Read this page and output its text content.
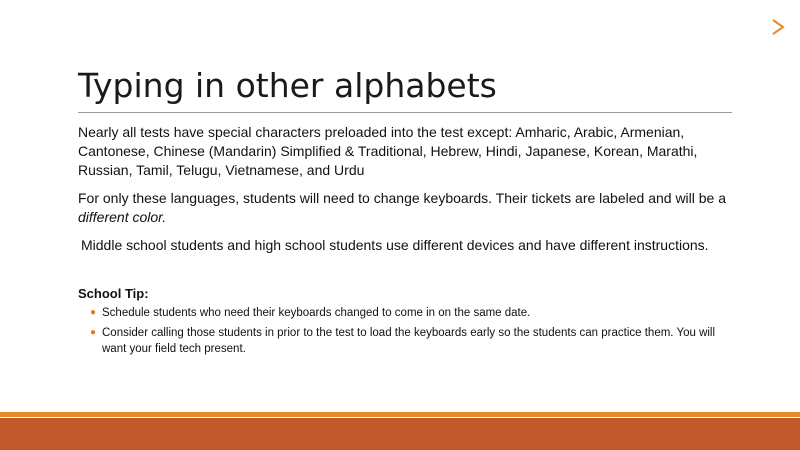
Typing in other alphabets

Nearly all tests have special characters preloaded into the test except: Amharic, Arabic, Armenian, Cantonese, Chinese (Mandarin) Simplified & Traditional, Hebrew, Hindi, Japanese, Korean, Marathi, Russian, Tamil, Telugu, Vietnamese, and Urdu

For only these languages, students will need to change keyboards. Their tickets are labeled and will be a different color.

Middle school students and high school students use different devices and have different instructions.

School Tip:

● Schedule students who need their keyboards changed to come in on the same date.
● Consider calling those students in prior to the test to load the keyboards early so the students can practice them. You will want your field tech present.
